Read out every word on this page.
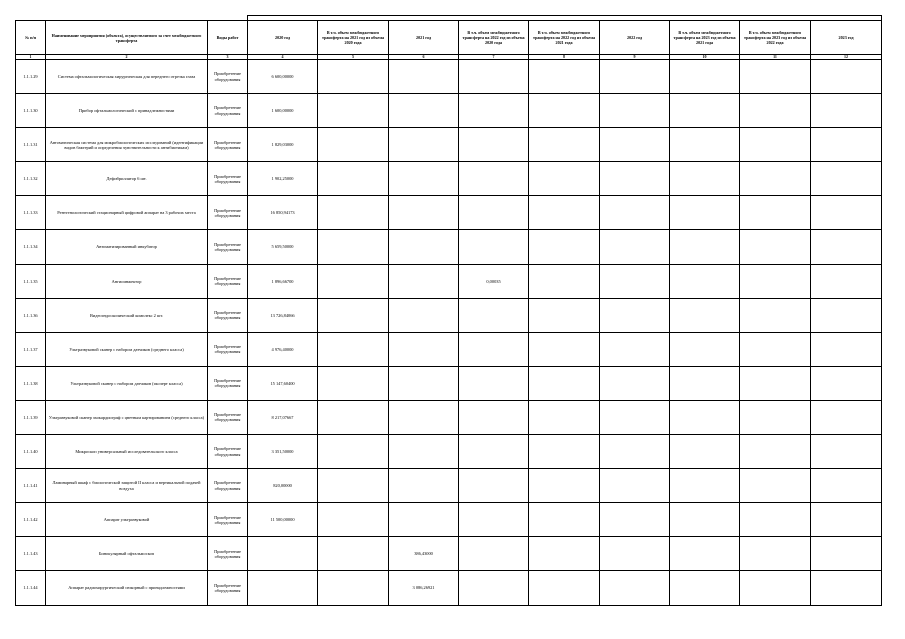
№ п/п	Наименование мероприятия (объекта), осуществляемого за счет межбюджетного трансферта	Виды работ	2020 год	В т.ч. объем межбюджетного трансферта на 2021 год из объема 2020 года	2021 год	В т.ч. объем межбюджетного трансферта на 2022 год из объема 2020 года	В т.ч. объем межбюджетного трансферта на 2022 год из объема 2021 года	2022 год	В т.ч. объем межбюджетного трансферта на 2023 год из объема 2021 года	В т.ч. объем межбюджетного трансферта на 2023 год из объема 2022 года	2023 год
1	2	3	4	5	6	7	8	9	10	11	12
1.1.1.29	Система офтальмологическая хирургическая для переднего отрезка глаза	Приобретение оборудования	6 600,00000								
1.1.1.30	Прибор офтальмологический с принадлежностями	Приобретение оборудования	1 600,00000								
1.1.1.31	Автоматическая система для микробиологических исследований (идентификации видов бактерий и определения чувствительности к антибиотикам)	Приобретение оборудования	1 829,03000								
1.1.1.32	Дефибриллятор 6 шт.	Приобретение оборудования	1 902,25000								
1.1.1.33	Рентгенологический стационарный цифровой аппарат на 3 рабочих места	Приобретение оборудования	16 850,94173								
1.1.1.34	Автоматизированный инкубатор	Приобретение оборудования	5 659,50000								
1.1.1.35	Ангиоинжектор	Приобретение оборудования	1 896,66700			0,00035					
1.1.1.36	Видеоэндоскопический комплекс 2 шт.	Приобретение оборудования	13 726,84066								
1.1.1.37	Ультразвуковой сканер с набором датчиков (среднего класса)	Приобретение оборудования	4 976,40000								
1.1.1.38	Ультразвуковой сканер с набором датчиков (эксперт класса)	Приобретение оборудования	15 147,60400								
1.1.1.39	Ультразвуковой сканер эхокардиограф с цветным картированием (среднего класса)	Приобретение оборудования	8 217,07667								
1.1.1.40	Микроскоп универсальный исследовательского класса	Приобретение оборудования	3 351,50000								
1.1.1.41	Ламинарный шкаф с биологической защитой II класса и вертикальной подачей воздуха	Приобретение оборудования	820,00000								
1.1.1.42	Аппарат ультразвуковой	Приобретение оборудования	11 500,00000								
1.1.1.43	Бинокулярный офтальмоскоп	Приобретение оборудования			386,43000						
1.1.1.44	Аппарат радиохирургический сюкорный с принадлежностями	Приобретение оборудования			3 086,26921						
